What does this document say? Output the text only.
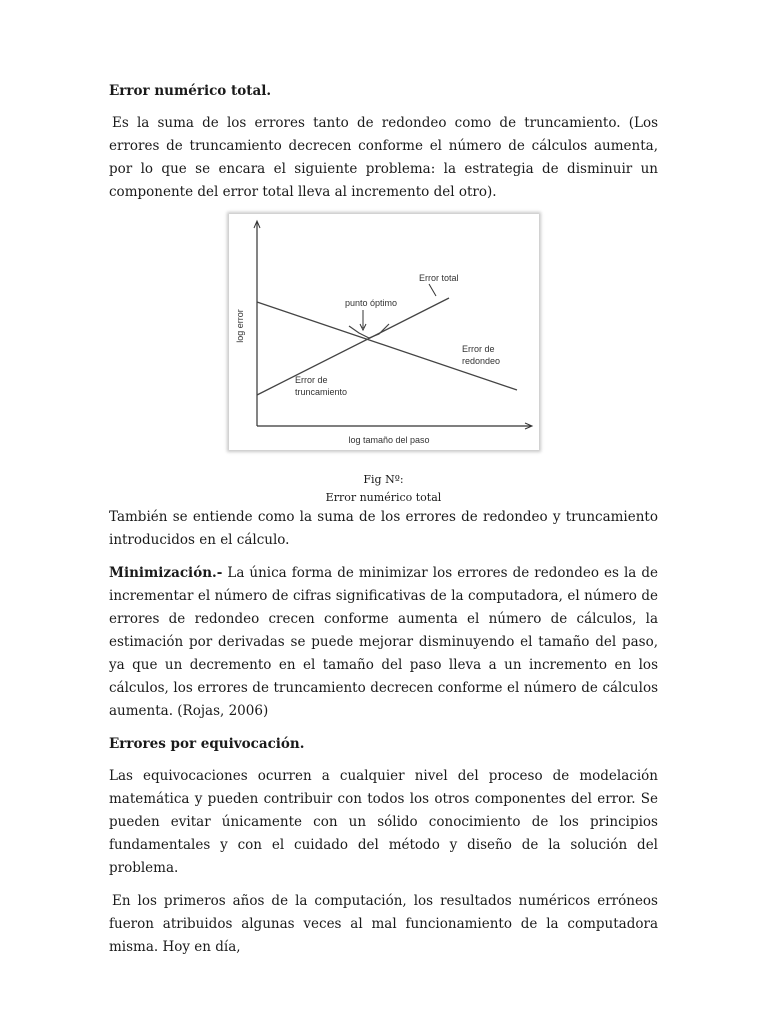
Error numérico total.

Es la suma de los errores tanto de redondeo como de truncamiento. (Los errores de truncamiento decrecen conforme el número de cálculos aumenta, por lo que se encara el siguiente problema: la estrategia de disminuir un componente del error total lleva al incremento del otro).

log error
log tamaño del paso
Error total
punto óptimo
Error de
redondeo
Error de
truncamiento
Fig Nº:
Error numérico total

También se entiende como la suma de los errores de redondeo y truncamiento introducidos en el cálculo.

Minimización.- La única forma de minimizar los errores de redondeo es la de incrementar el número de cifras significativas de la computadora, el número de errores de redondeo crecen conforme aumenta el número de cálculos, la estimación por derivadas se puede mejorar disminuyendo el tamaño del paso, ya que un decremento en el tamaño del paso lleva a un incremento en los cálculos, los errores de truncamiento decrecen conforme el número de cálculos aumenta. (Rojas, 2006)

Errores por equivocación.

Las equivocaciones ocurren a cualquier nivel del proceso de modelación matemática y pueden contribuir con todos los otros componentes del error. Se pueden evitar únicamente con un sólido conocimiento de los principios fundamentales y con el cuidado del método y diseño de la solución del problema.

En los primeros años de la computación, los resultados numéricos erróneos fueron atribuidos algunas veces al mal funcionamiento de la computadora misma. Hoy en día,
